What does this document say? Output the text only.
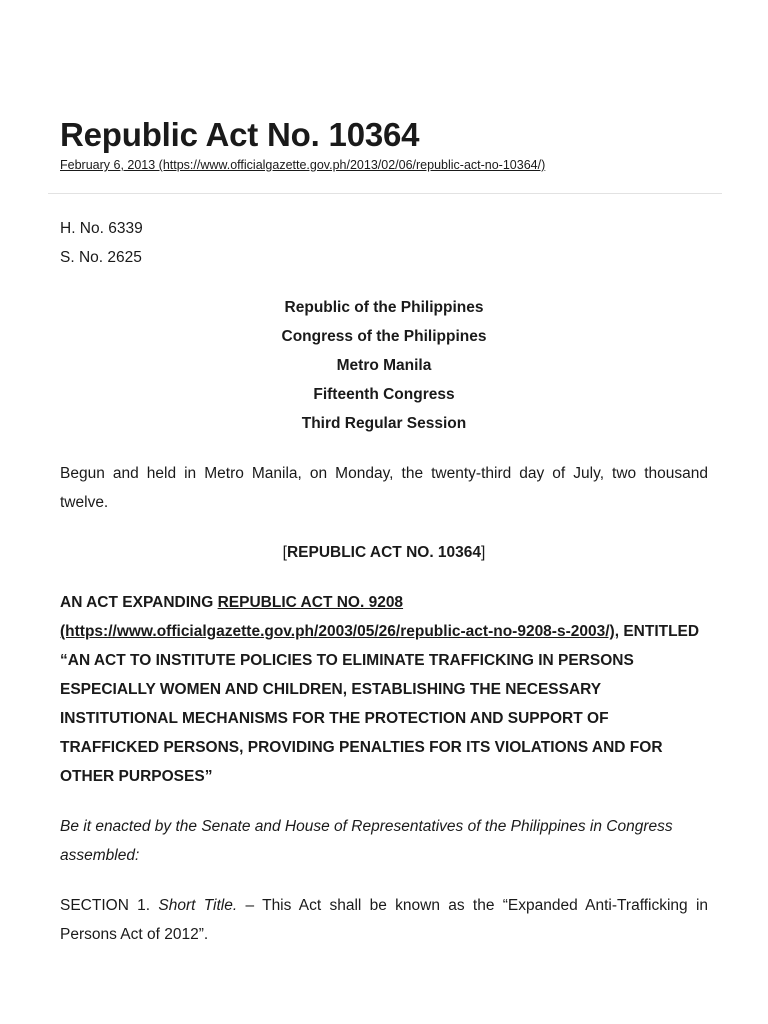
Republic Act No. 10364
February 6, 2013 (https://www.officialgazette.gov.ph/2013/02/06/republic-act-no-10364/)

H. No. 6339

S. No. 2625

Republic of the Philippines

Congress of the Philippines

Metro Manila

Fifteenth Congress

Third Regular Session

Begun and held in Metro Manila, on Monday, the twenty-third day of July, two thousand twelve.

[REPUBLIC ACT NO. 10364]

AN ACT EXPANDING REPUBLIC ACT NO. 9208 (https://www.officialgazette.gov.ph/2003/05/26/republic-act-no-9208-s-2003/), ENTITLED “AN ACT TO INSTITUTE POLICIES TO ELIMINATE TRAFFICKING IN PERSONS ESPECIALLY WOMEN AND CHILDREN, ESTABLISHING THE NECESSARY INSTITUTIONAL MECHANISMS FOR THE PROTECTION AND SUPPORT OF TRAFFICKED PERSONS, PROVIDING PENALTIES FOR ITS VIOLATIONS AND FOR OTHER PURPOSES”

Be it enacted by the Senate and House of Representatives of the Philippines in Congress assembled:

SECTION 1. Short Title. – This Act shall be known as the “Expanded Anti-Trafficking in Persons Act of 2012”.
